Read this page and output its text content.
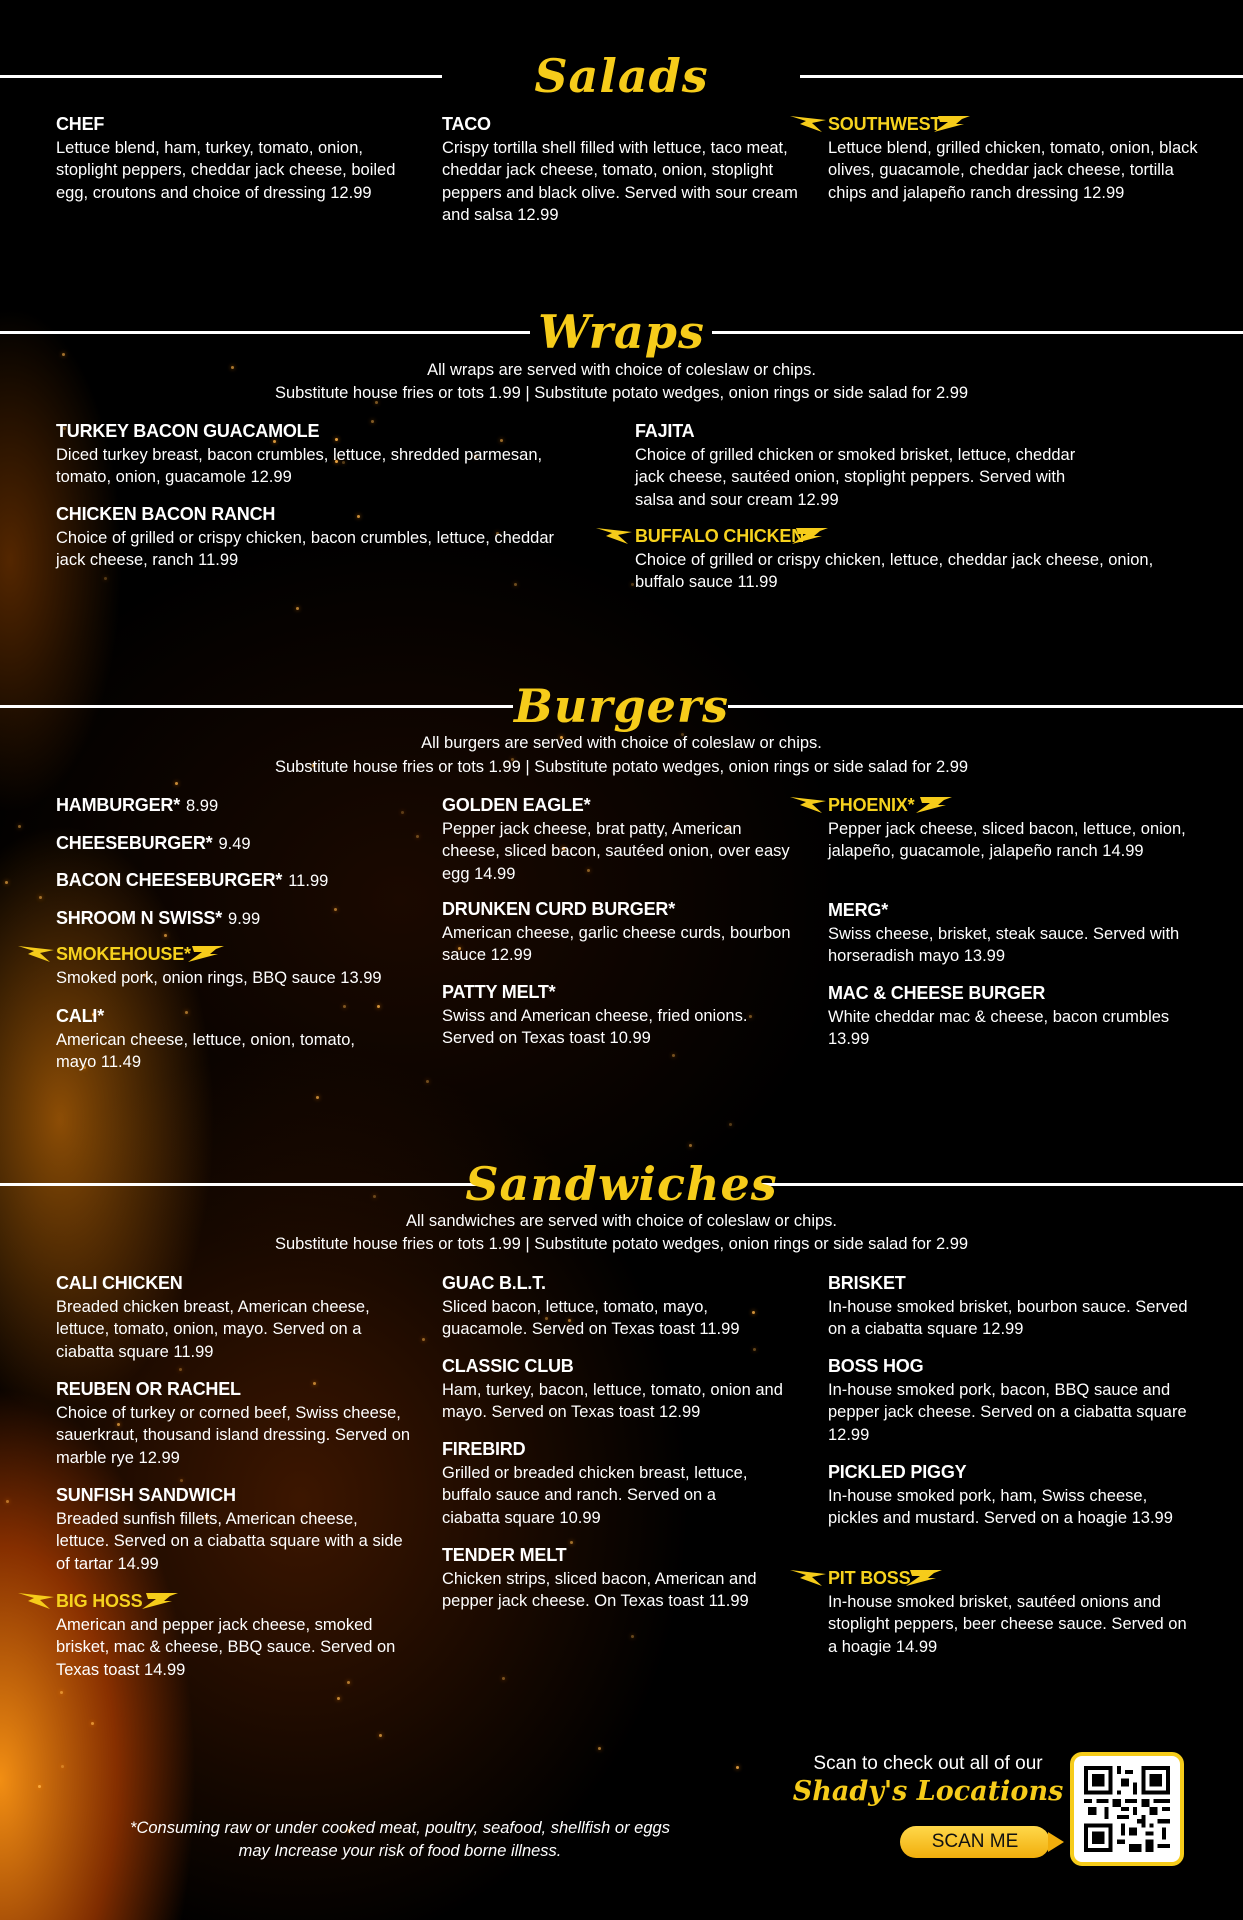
Salads
CHEF
Lettuce blend, ham, turkey, tomato, onion, stoplight peppers, cheddar jack cheese, boiled egg, croutons and choice of dressing 12.99
TACO
Crispy tortilla shell filled with lettuce, taco meat, cheddar jack cheese, tomato, onion, stoplight peppers and black olive. Served with sour cream and salsa 12.99
SOUTHWEST
Lettuce blend, grilled chicken, tomato, onion, black olives, guacamole, cheddar jack cheese, tortilla chips and jalapeño ranch dressing 12.99
Wraps
All wraps are served with choice of coleslaw or chips.
Substitute house fries or tots 1.99 | Substitute potato wedges, onion rings or side salad for 2.99
TURKEY BACON GUACAMOLE
Diced turkey breast, bacon crumbles, lettuce, shredded parmesan, tomato, onion, guacamole 12.99
CHICKEN BACON RANCH
Choice of grilled or crispy chicken, bacon crumbles, lettuce, cheddar jack cheese, ranch 11.99
FAJITA
Choice of grilled chicken or smoked brisket, lettuce, cheddar jack cheese, sautéed onion, stoplight peppers. Served with salsa and sour cream 12.99
BUFFALO CHICKEN
Choice of grilled or crispy chicken, lettuce, cheddar jack cheese, onion, buffalo sauce 11.99
Burgers
All burgers are served with choice of coleslaw or chips.
Substitute house fries or tots 1.99 | Substitute potato wedges, onion rings or side salad for 2.99
HAMBURGER* 8.99
CHEESEBURGER* 9.49
BACON CHEESEBURGER* 11.99
SHROOM N SWISS* 9.99
SMOKEHOUSE*
Smoked pork, onion rings, BBQ sauce 13.99
CALI*
American cheese, lettuce, onion, tomato, mayo 11.49
GOLDEN EAGLE*
Pepper jack cheese, brat patty, American cheese, sliced bacon, sautéed onion, over easy egg 14.99
DRUNKEN CURD BURGER*
American cheese, garlic cheese curds, bourbon sauce 12.99
PATTY MELT*
Swiss and American cheese, fried onions. Served on Texas toast 10.99
PHOENIX*
Pepper jack cheese, sliced bacon, lettuce, onion, jalapeño, guacamole, jalapeño ranch 14.99
MERG*
Swiss cheese, brisket, steak sauce. Served with horseradish mayo 13.99
MAC & CHEESE BURGER
White cheddar mac & cheese, bacon crumbles 13.99
Sandwiches
All sandwiches are served with choice of coleslaw or chips.
Substitute house fries or tots 1.99 | Substitute potato wedges, onion rings or side salad for 2.99
CALI CHICKEN
Breaded chicken breast, American cheese, lettuce, tomato, onion, mayo. Served on a ciabatta square 11.99
REUBEN OR RACHEL
Choice of turkey or corned beef, Swiss cheese, sauerkraut, thousand island dressing. Served on marble rye 12.99
SUNFISH SANDWICH
Breaded sunfish fillets, American cheese, lettuce. Served on a ciabatta square with a side of tartar 14.99
BIG HOSS
American and pepper jack cheese, smoked brisket, mac & cheese, BBQ sauce. Served on Texas toast 14.99
GUAC B.L.T.
Sliced bacon, lettuce, tomato, mayo, guacamole. Served on Texas toast 11.99
CLASSIC CLUB
Ham, turkey, bacon, lettuce, tomato, onion and mayo. Served on Texas toast 12.99
FIREBIRD
Grilled or breaded chicken breast, lettuce, buffalo sauce and ranch. Served on a ciabatta square 10.99
TENDER MELT
Chicken strips, sliced bacon, American and pepper jack cheese. On Texas toast 11.99
BRISKET
In-house smoked brisket, bourbon sauce. Served on a ciabatta square 12.99
BOSS HOG
In-house smoked pork, bacon, BBQ sauce and pepper jack cheese. Served on a ciabatta square 12.99
PICKLED PIGGY
In-house smoked pork, ham, Swiss cheese, pickles and mustard. Served on a hoagie 13.99
PIT BOSS
In-house smoked brisket, sautéed onions and stoplight peppers, beer cheese sauce. Served on a hoagie 14.99
*Consuming raw or under cooked meat, poultry, seafood, shellfish or eggs
may Increase your risk of food borne illness.
Scan to check out all of our
Shady's Locations
SCAN ME
